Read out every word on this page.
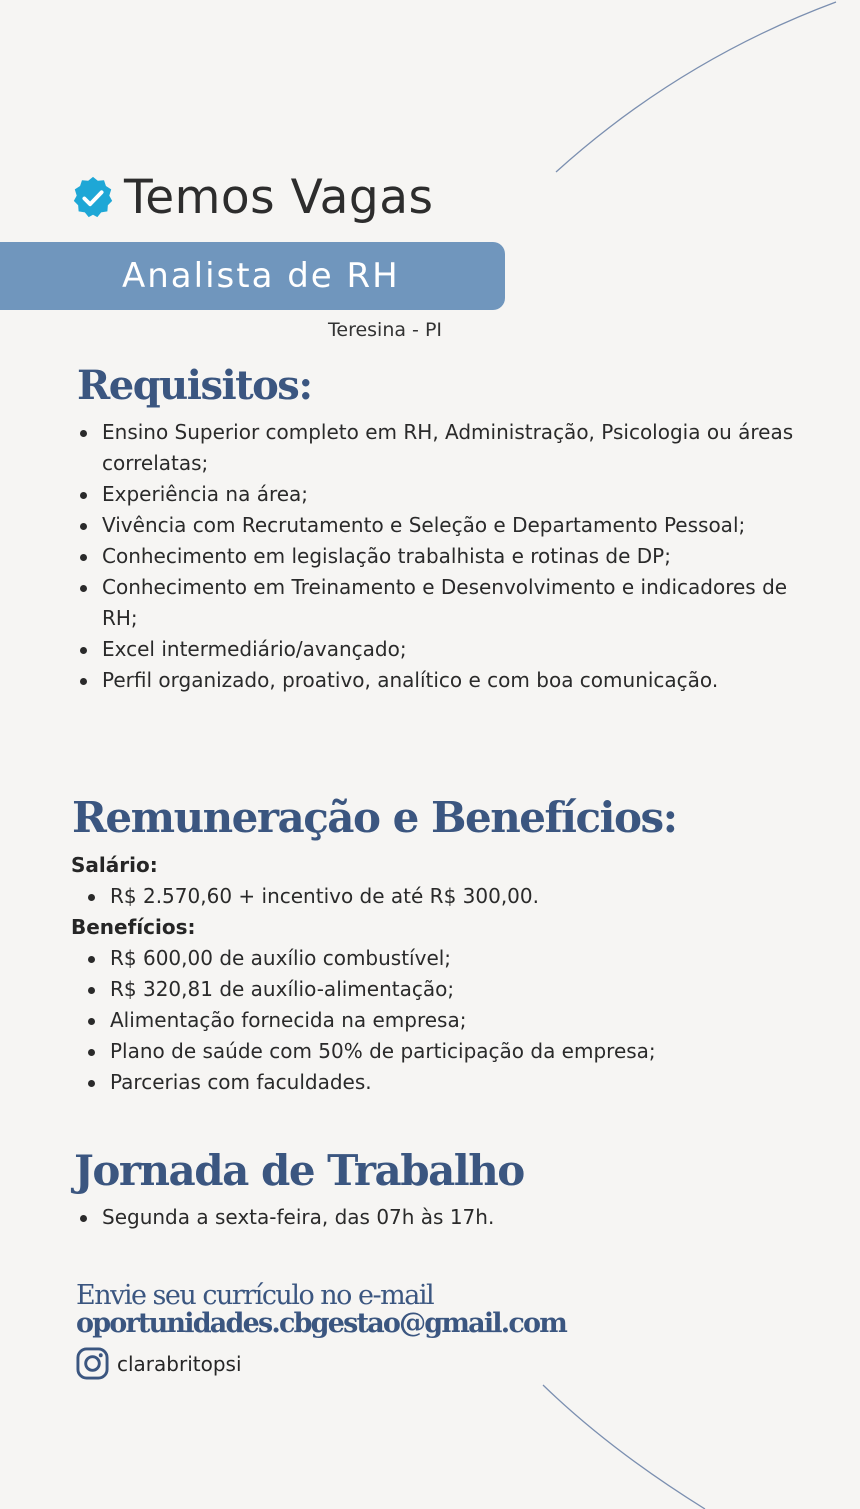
Temos Vagas
Analista de RH
Teresina - PI
Requisitos:
Ensino Superior completo em RH, Administração, Psicologia ou áreas correlatas;
Experiência na área;
Vivência com Recrutamento e Seleção e Departamento Pessoal;
Conhecimento em legislação trabalhista e rotinas de DP;
Conhecimento em Treinamento e Desenvolvimento e indicadores de RH;
Excel intermediário/avançado;
Perfil organizado, proativo, analítico e com boa comunicação.
Remuneração e Benefícios:
Salário:
R$ 2.570,60 + incentivo de até R$ 300,00.
Benefícios:
R$ 600,00 de auxílio combustível;
R$ 320,81 de auxílio-alimentação;
Alimentação fornecida na empresa;
Plano de saúde com 50% de participação da empresa;
Parcerias com faculdades.
Jornada de Trabalho
Segunda a sexta-feira, das 07h às 17h.
Envie seu currículo no e-mail
oportunidades.cbgestao@gmail.com
clarabritopsi
